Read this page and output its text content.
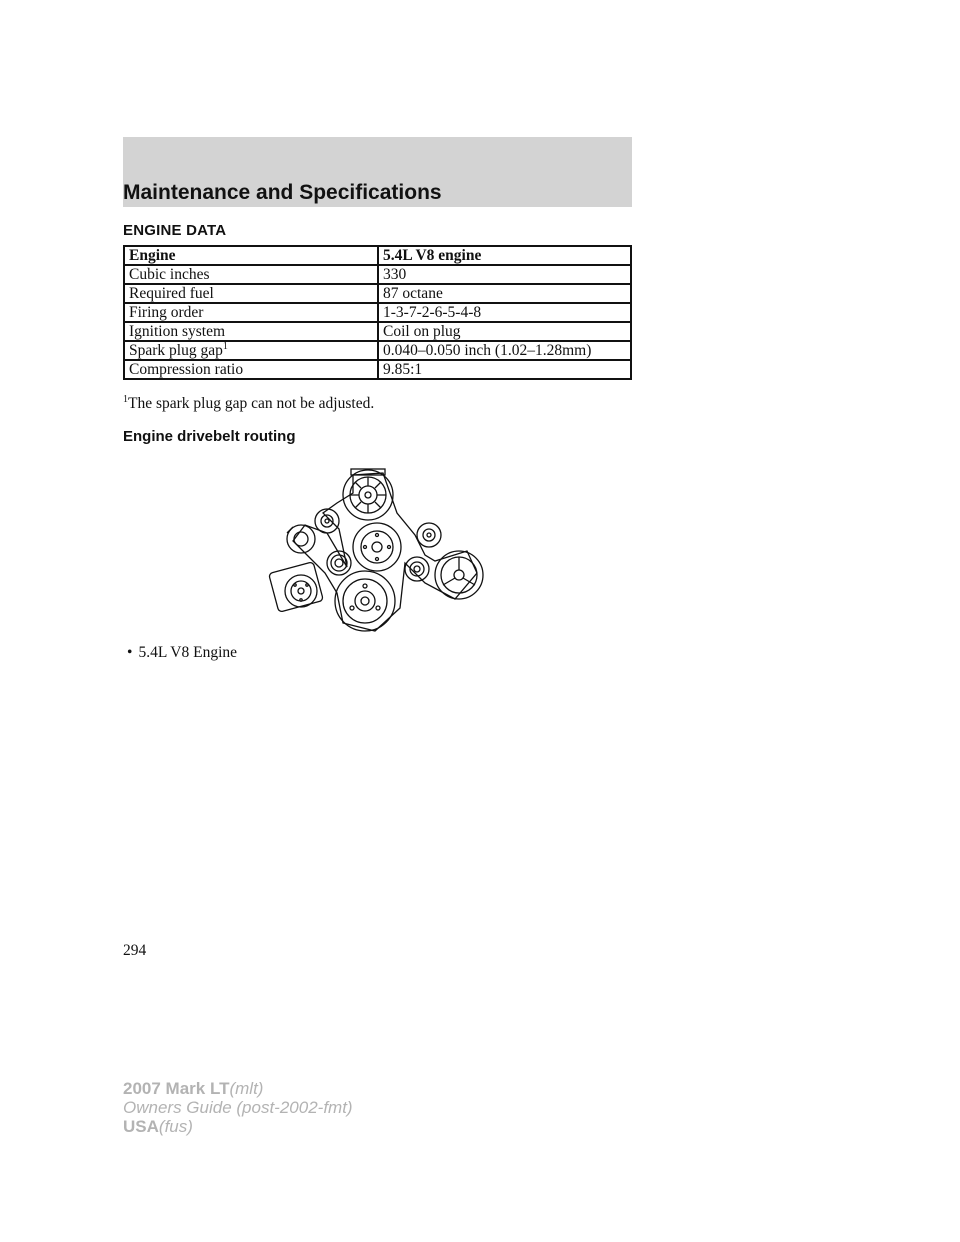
Maintenance and Specifications
ENGINE DATA
Engine	5.4L V8 engine
Cubic inches	330
Required fuel	87 octane
Firing order	1-3-7-2-6-5-4-8
Ignition system	Coil on plug
Spark plug gap$^1$	0.040–0.050 inch (1.02–1.28mm)
Compression ratio	9.85:1
$^1$The spark plug gap can not be adjusted.
Engine drivebelt routing
• 5.4L V8 Engine
294
2007 Mark LT(mlt)
Owners Guide (post-2002-fmt)
USA(fus)
